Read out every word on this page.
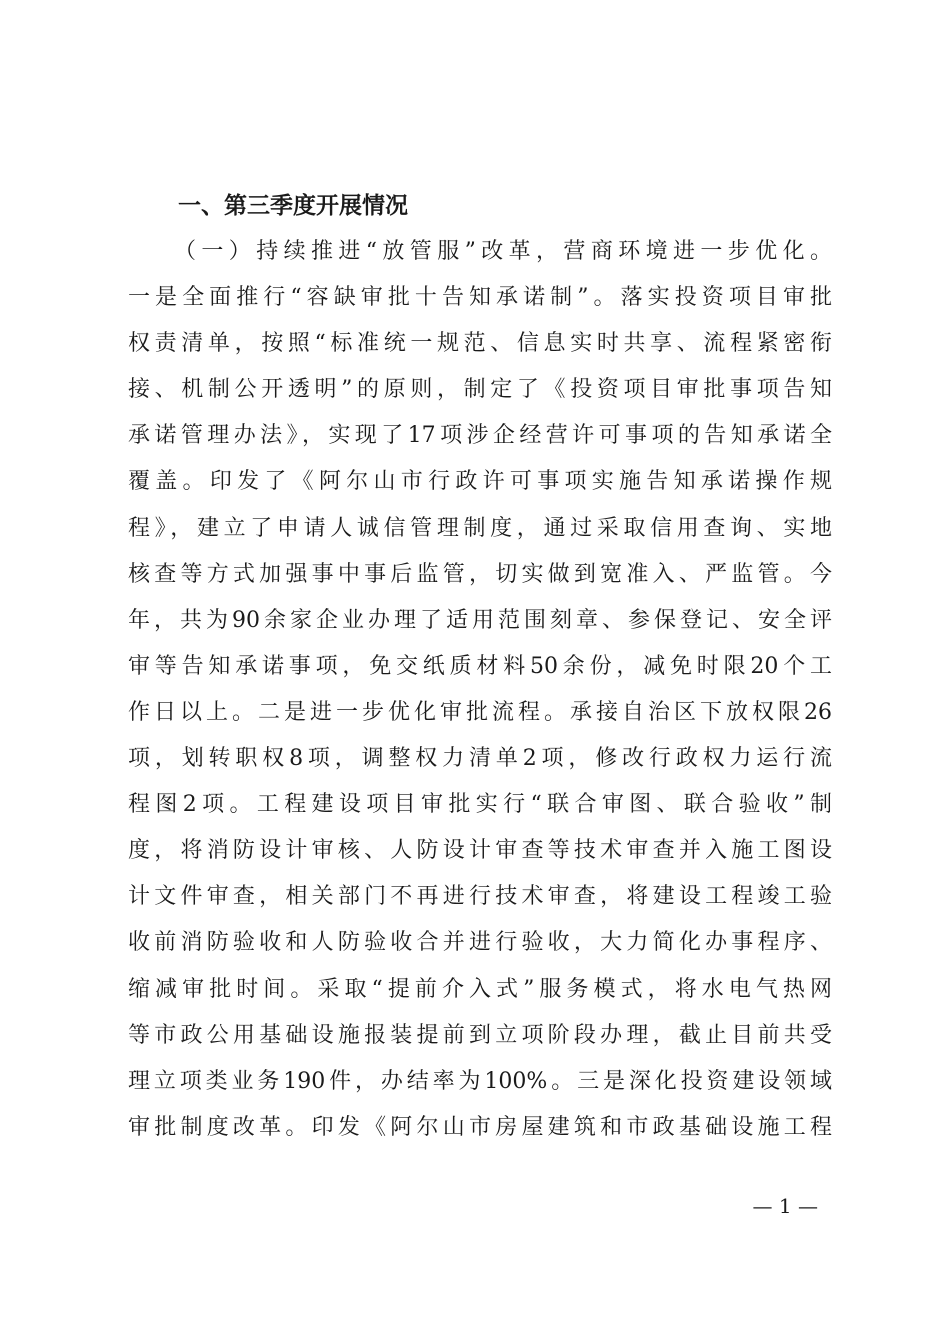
一、第三季度开展情况
（一）持续推进“放管服”改革，营商环境进一步优化。
一是全面推行“容缺审批十告知承诺制”。落实投资项目审批
权责清单，按照“标准统一规范、信息实时共享、流程紧密衔
接、机制公开透明”的原则，制定了《投资项目审批事项告知
承诺管理办法》，实现了17项涉企经营许可事项的告知承诺全
覆盖。印发了《阿尔山市行政许可事项实施告知承诺操作规
程》，建立了申请人诚信管理制度，通过采取信用查询、实地
核查等方式加强事中事后监管，切实做到宽准入、严监管。今
年，共为90余家企业办理了适用范围刻章、参保登记、安全评
审等告知承诺事项，免交纸质材料50余份，减免时限20个工
作日以上。二是进一步优化审批流程。承接自治区下放权限26
项，划转职权8项，调整权力清单2项，修改行政权力运行流
程图2项。工程建设项目审批实行“联合审图、联合验收”制
度，将消防设计审核、人防设计审查等技术审查并入施工图设
计文件审查，相关部门不再进行技术审查，将建设工程竣工验
收前消防验收和人防验收合并进行验收，大力简化办事程序、
缩减审批时间。采取“提前介入式”服务模式，将水电气热网
等市政公用基础设施报装提前到立项阶段办理，截止目前共受
理立项类业务190件，办结率为100%。三是深化投资建设领域
审批制度改革。印发《阿尔山市房屋建筑和市政基础设施工程
— 1 —
